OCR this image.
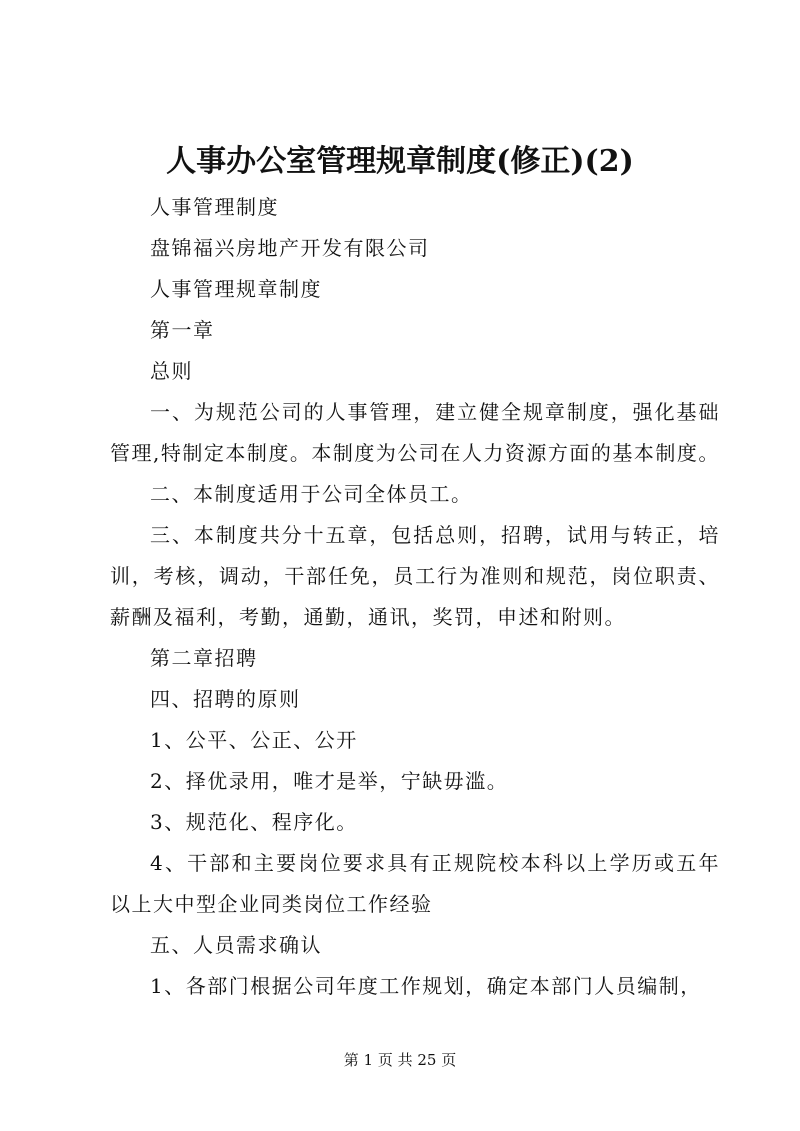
人事办公室管理规章制度(修正)(2)

人事管理制度

盘锦福兴房地产开发有限公司

人事管理规章制度

第一章

总则

一、为规范公司的人事管理，建立健全规章制度，强化基础管理,特制定本制度。本制度为公司在人力资源方面的基本制度。

二、本制度适用于公司全体员工。

三、本制度共分十五章，包括总则，招聘，试用与转正，培训，考核，调动，干部任免，员工行为准则和规范，岗位职责、薪酬及福利，考勤，通勤，通讯，奖罚，申述和附则。

第二章招聘

四、招聘的原则

1、公平、公正、公开

2、择优录用，唯才是举，宁缺毋滥。

3、规范化、程序化。

4、干部和主要岗位要求具有正规院校本科以上学历或五年以上大中型企业同类岗位工作经验

五、人员需求确认

1、各部门根据公司年度工作规划，确定本部门人员编制，

第 1 页 共 25 页
